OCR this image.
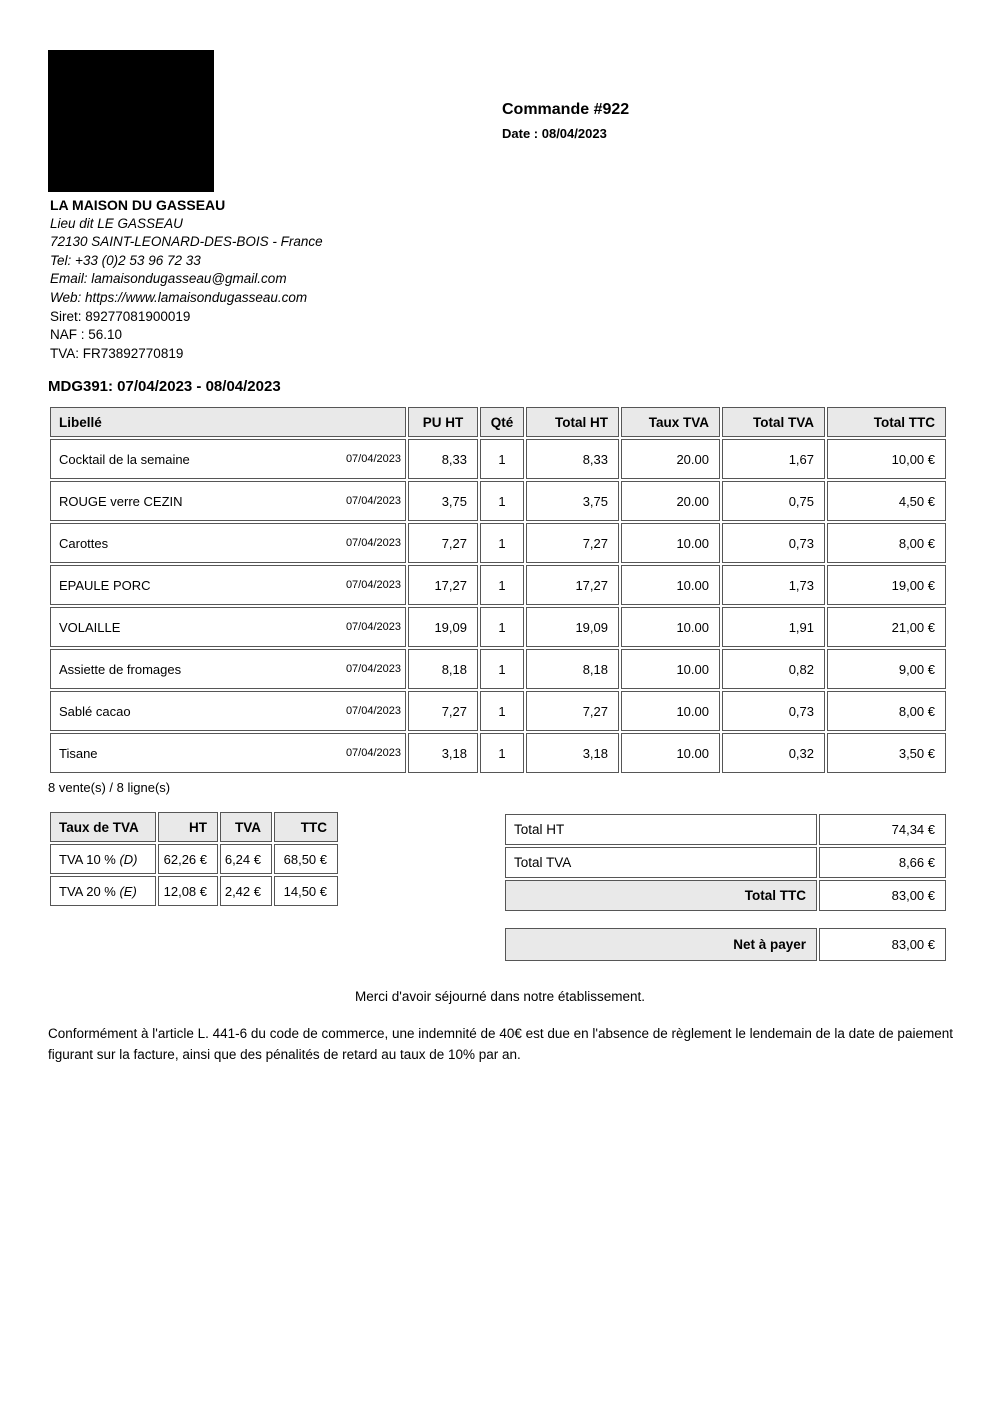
Commande #922
Date : 08/04/2023
LA MAISON DU GASSEAU
Lieu dit LE GASSEAU
72130 SAINT-LEONARD-DES-BOIS - France
Tel: +33 (0)2 53 96 72 33
Email: lamaisondugasseau@gmail.com
Web: https://www.lamaisondugasseau.com
Siret: 89277081900019
NAF : 56.10
TVA: FR73892770819
MDG391: 07/04/2023 - 08/04/2023
Libellé	PU HT	Qté	Total HT	Taux TVA	Total TVA	Total TTC

Cocktail de la semaine 07/04/2023	8,33	1	8,33	20.00	1,67	10,00 €

ROUGE verre CEZIN 07/04/2023	3,75	1	3,75	20.00	0,75	4,50 €

Carottes 07/04/2023	7,27	1	7,27	10.00	0,73	8,00 €

EPAULE PORC 07/04/2023	17,27	1	17,27	10.00	1,73	19,00 €

VOLAILLE 07/04/2023	19,09	1	19,09	10.00	1,91	21,00 €

Assiette de fromages 07/04/2023	8,18	1	8,18	10.00	0,82	9,00 €

Sablé cacao 07/04/2023	7,27	1	7,27	10.00	0,73	8,00 €

Tisane 07/04/2023	3,18	1	3,18	10.00	0,32	3,50 €
8 vente(s) / 8 ligne(s)
Taux de TVA	HT	TVA	TTC
TVA 10 % (D)	62,26 €	6,24 €	68,50 €
TVA 20 % (E)	12,08 €	2,42 €	14,50 €
Total HT	74,34 €
Total TVA	8,66 €
Total TTC	83,00 €
Net à payer	83,00 €
Merci d'avoir séjourné dans notre établissement.
Conformément à l'article L. 441-6 du code de commerce, une indemnité de 40€ est due en l'absence de règlement le lendemain de la date de paiement figurant sur la facture, ainsi que des pénalités de retard au taux de 10% par an.
